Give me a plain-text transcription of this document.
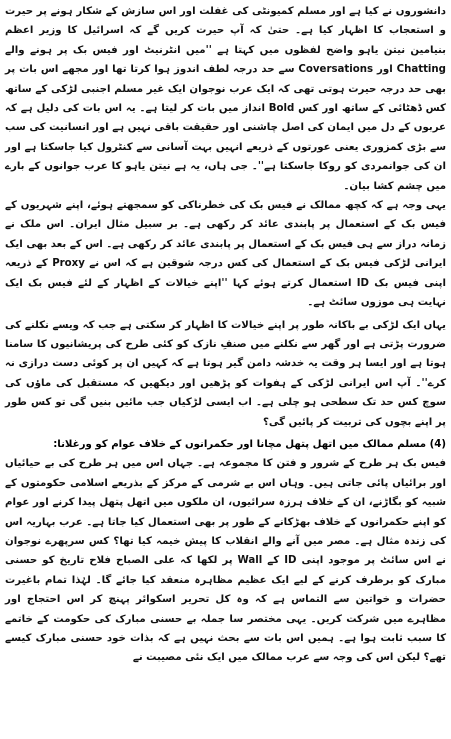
دانشوروں نے کیا ہے اور مسلم کمیونٹی کی غفلت اور اس سازش کے شکار ہونے پر حیرت و استعجاب کا اظہار کیا ہے۔ حتیٰ کہ آپ حیرت کریں گے کہ اسرائیل کا وزیر اعظم بنیامین نیتن یاہو واضح لفظوں میں کہتا ہے ''میں انٹرنیٹ اور فیس بک پر ہونے والے Chatting اور Coversations سے حد درجہ لطف اندوز ہوا کرتا تھا اور مجھے اس بات پر بھی حد درجہ حیرت ہوتی تھی کہ ایک عرب نوجوان ایک غیر مسلم اجنبی لڑکی کے ساتھ کس ڈھٹائی کے ساتھ اور کس Bold انداز میں بات کر لیتا ہے۔ یہ اس بات کی دلیل ہے کہ عربوں کے دل میں ایمان کی اصل چاشنی اور حقیقت باقی نہیں ہے اور انسانیت کی سب سے بڑی کمزوری یعنی عورتوں کے ذریعے انہیں بہت آسانی سے کنٹرول کیا جاسکتا ہے اور ان کی جوانمردی کو روکا جاسکتا ہے''۔ جی ہاں، یہ ہے نیتن یاہو کا عرب جوانوں کے بارے میں چشم کشا بیان۔

یہی وجہ ہے کہ کچھ ممالک نے فیس بک کی خطرناکی کو سمجھتے ہوئے، اپنے شہریوں کے فیس بک کے استعمال پر پابندی عائد کر رکھی ہے۔ بر سبیل مثال ایران۔ اس ملک نے زمانہ دراز سے ہی فیس بک کے استعمال پر پابندی عائد کر رکھی ہے۔ اس کے بعد بھی ایک ایرانی لڑکی فیس بک کے استعمال کی کس درجہ شوقین ہے کہ اس نے Proxy کے ذریعہ اپنی فیس بک ID استعمال کرتے ہوئے کہا ''اپنے خیالات کے اظہار کے لئے فیس بک ایک نہایت ہی موزوں سائٹ ہے۔

یہاں ایک لڑکی بے باکانہ طور پر اپنے خیالات کا اظہار کر سکتی ہے جب کہ ویسے نکلنے کی ضرورت پڑتی ہے اور گھر سے نکلنے میں صنفِ نازک کو کئی طرح کی پریشانیوں کا سامنا ہوتا ہے اور ایسا ہر وقت یہ خدشہ دامن گیر ہوتا ہے کہ کہیں ان پر کوئی دست درازی نہ کرے''۔ آپ اس ایرانی لڑکی کے ہفوات کو پڑھیں اور دیکھیں کہ مستقبل کی ماؤں کی سوچ کس حد تک سطحی ہو چلی ہے۔ اب ایسی لڑکیاں جب مائیں بنیں گی تو کس طور پر اپنے بچوں کی تربیت کر پائیں گی؟

(4) مسلم ممالک میں اتھل پتھل مچانا اور حکمرانوں کے خلاف عوام کو ورغلانا:

فیس بک ہر طرح کے شرور و فتن کا مجموعہ ہے۔ جہاں اس میں ہر طرح کی بے حیائیاں اور برائیاں پائی جاتی ہیں۔ وہاں اس بے شرمی کے مرکز کے بذریعے اسلامی حکومتوں کے شبیہ کو بگاڑنے، ان کے خلاف ہرزہ سرائیوں، ان ملکوں میں اتھل پتھل پیدا کرنے اور عوام کو اپنے حکمرانوں کے خلاف بھڑکانے کے طور پر بھی استعمال کیا جاتا ہے۔ عرب بہاریہ اس کی زندہ مثال ہے۔ مصر میں آنے والے انقلاب کا پیش خیمہ کیا تھا؟ کس سرپھرے نوجوان نے اس سائٹ پر موجود اپنی ID کے Wall پر لکھا کہ علی الصباح فلاح تاریخ کو حسنی مبارک کو برطرف کرنے کے لیے ایک عظیم مظاہرہ منعقد کیا جائے گا۔ لہٰذا تمام باغیرت حضرات و خواتین سے التماس ہے کہ وہ کل تحریر اسکوائر پہنچ کر اس احتجاج اور مظاہرے میں شرکت کریں۔ یہی مختصر سا جملہ بے حسنی مبارک کی حکومت کے خاتمے کا سبب ثابت ہوا ہے۔ ہمیں اس بات سے بحث نہیں ہے کہ بذات خود حسنی مبارک کیسے تھے؟ لیکن اس کی وجہ سے عرب ممالک میں ایک نئی مصیبت نے
